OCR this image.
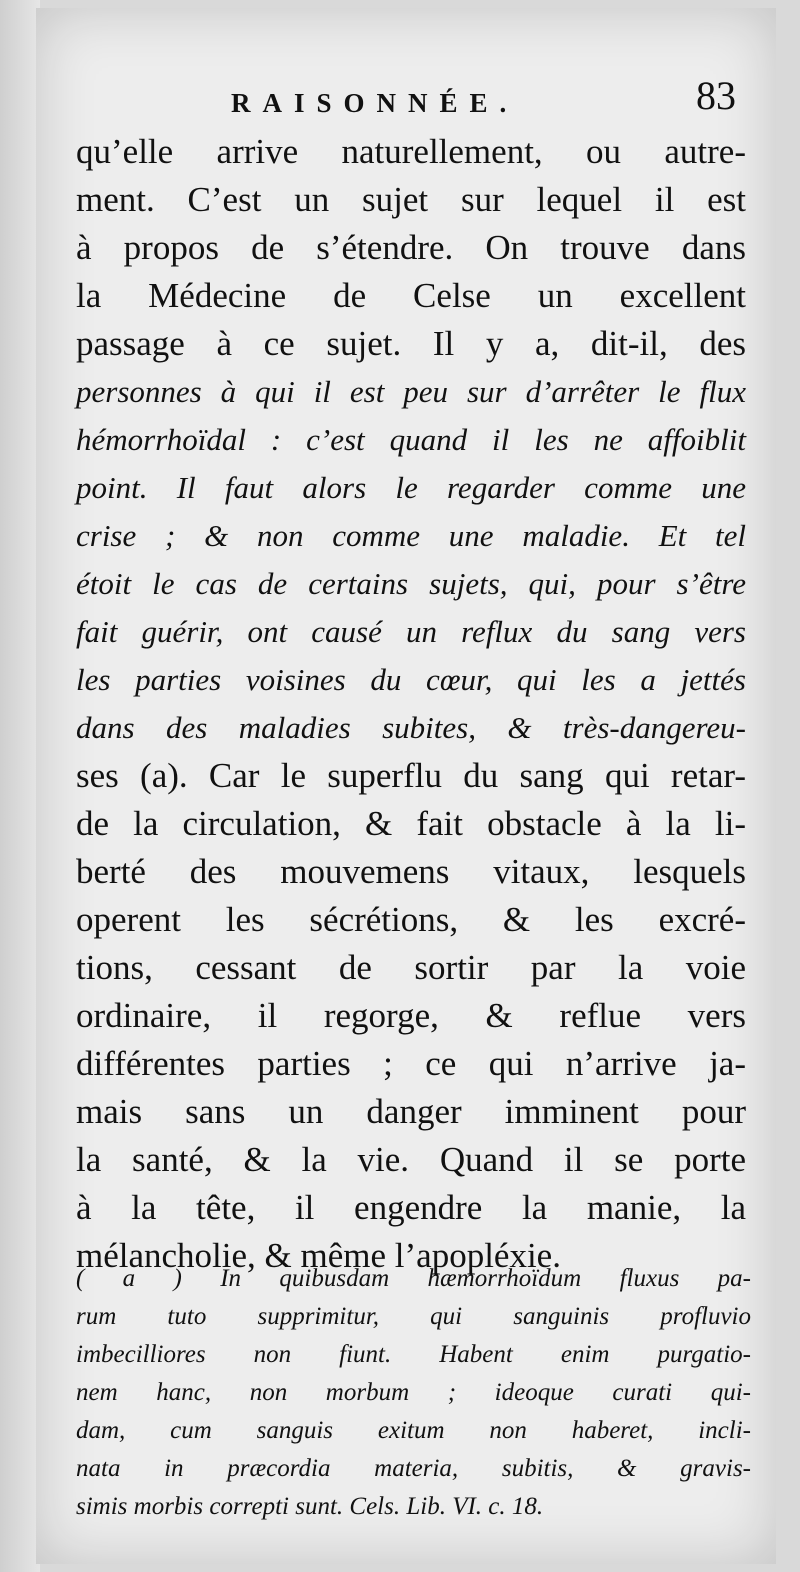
RAISONNÉE.	83
qu’elle arrive naturellement, ou autre-
ment. C’est un sujet sur lequel il est
à propos de s’étendre. On trouve dans
la Médecine de Celse un excellent
passage à ce sujet. Il y a, dit-il, des
personnes à qui il est peu sur d’arrêter le flux
hémorrhoïdal : c’est quand il les ne affoiblit
point. Il faut alors le regarder comme une
crise ; & non comme une maladie. Et tel
étoit le cas de certains sujets, qui, pour s’être
fait guérir, ont causé un reflux du sang vers
les parties voisines du cœur, qui les a jettés
dans des maladies subites, & très-dangereu-
ses (a). Car le superflu du sang qui retar-
de la circulation, & fait obstacle à la li-
berté des mouvemens vitaux, lesquels
operent les sécrétions, & les excré-
tions, cessant de sortir par la voie
ordinaire, il regorge, & reflue vers
différentes parties ; ce qui n’arrive ja-
mais sans un danger imminent pour
la santé, & la vie. Quand il se porte
à la tête, il engendre la manie, la
mélancholie, & même l’apopléxie.
( a ) In quibusdam hæmorrhoïdum fluxus pa-
rum tuto supprimitur, qui sanguinis profluvio
imbecilliores non fiunt. Habent enim purgatio-
nem hanc, non morbum ; ideoque curati qui-
dam, cum sanguis exitum non haberet, incli-
nata in præcordia materia, subitis, & gravis-
simis morbis correpti sunt. Cels. Lib. VI. c. 18.
